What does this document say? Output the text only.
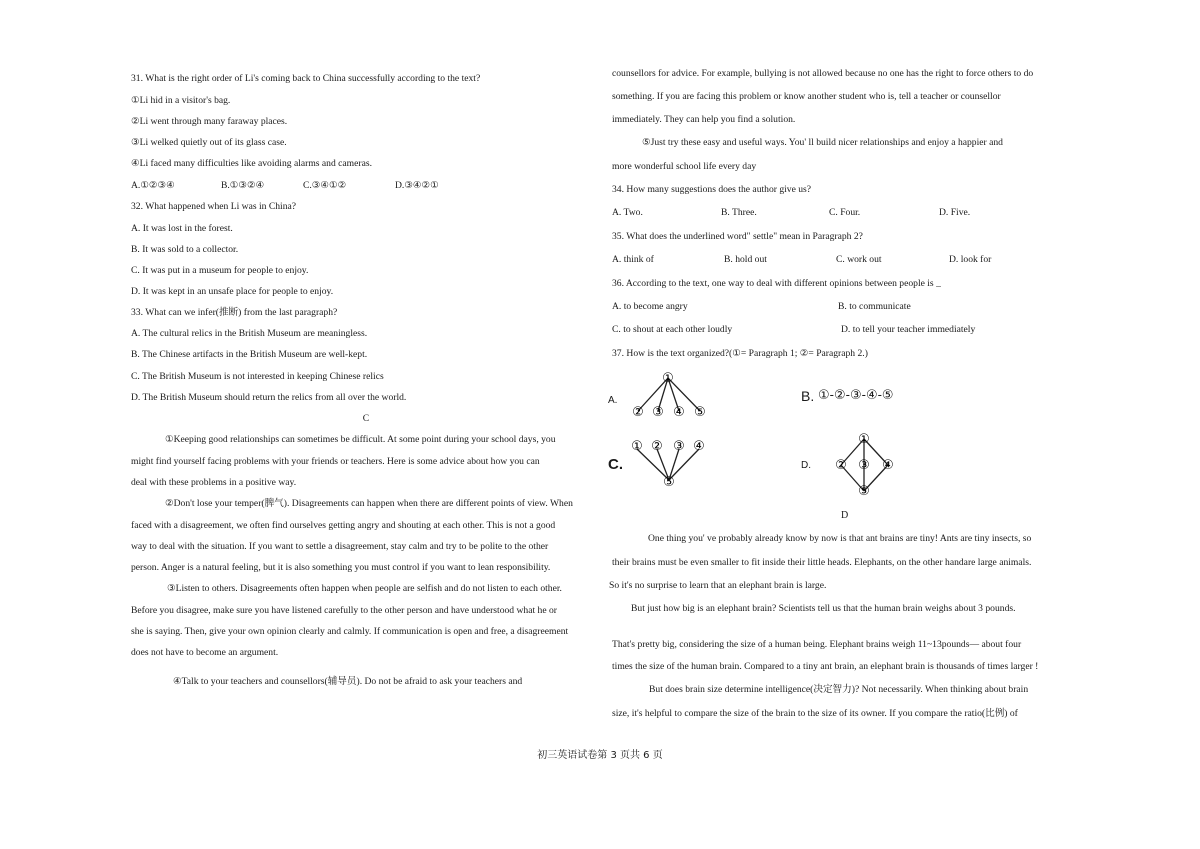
31. What is the right order of Li's coming back to China successfully according to the text?
①Li hid in a visitor's bag.
②Li went through many faraway places.
③Li welked quietly out of its glass case.
④Li faced many difficulties like avoiding alarms and cameras.
A.①②③④	B.①③②④	C.③④①②	D.③④②①
32. What happened when Li was in China?
A. It was lost in the forest.
B. It was sold to a collector.
C. It was put in a museum for people to enjoy.
D. It was kept in an unsafe place for people to enjoy.
33. What can we infer(推断) from the last paragraph?
A. The cultural relics in the British Museum are meaningless.
B. The Chinese artifacts in the British Museum are well-kept.
C. The British Museum is not interested in keeping Chinese relics
D. The British Museum should return the relics from all over the world.
C
①Keeping good relationships can sometimes be difficult. At some point during your school days, you
might find yourself facing problems with your friends or teachers. Here is some advice about how you can
deal with these problems in a positive way.
②Don't lose your temper(脾气). Disagreements can happen when there are different points of view. When
faced with a disagreement, we often find ourselves getting angry and shouting at each other. This is not a good
way to deal with the situation. If you want to settle a disagreement, stay calm and try to be polite to the other
person. Anger is a natural feeling, but it is also something you must control if you want to lean responsibility.
③Listen to others. Disagreements often happen when people are selfish and do not listen to each other.
Before you disagree, make sure you have listened carefully to the other person and have understood what he or
she is saying. Then, give your own opinion clearly and calmly. If communication is open and free, a disagreement
does not have to become an argument.
④Talk to your teachers and counsellors(辅导员). Do not be afraid to ask your teachers and
counsellors for advice. For example, bullying is not allowed because no one has the right to force others to do
something. If you are facing this problem or know another student who is, tell a teacher or counsellor
immediately. They can help you find a solution.
⑤Just try these easy and useful ways. You' ll build nicer relationships and enjoy a happier and
more wonderful school life every day
34. How many suggestions does the author give us?
A. Two.	B. Three.	C. Four.	D. Five.
35. What does the underlined word" settle" mean in Paragraph 2?
A. think of	B. hold out	C. work out	D. look for
36. According to the text, one way to deal with different opinions between people is _
A. to become angry	B. to communicate
C. to shout at each other loudly	D. to tell your teacher immediately
37. How is the text organized?(①= Paragraph 1; ②= Paragraph 2.)
A.	B. ①-②-③-④-⑤
C.	D.
①
② ③ ④ ⑤
① ② ③ ④
⑤
①
② ③ ④
⑤
D
One thing you' ve probably already know by now is that ant brains are tiny! Ants are tiny insects, so
their brains must be even smaller to fit inside their little heads. Elephants, on the other handare large animals.
So it's no surprise to learn that an elephant brain is large.
But just how big is an elephant brain? Scientists tell us that the human brain weighs about 3 pounds.
That's pretty big, considering the size of a human being. Elephant brains weigh 11~13pounds— about four
times the size of the human brain. Compared to a tiny ant brain, an elephant brain is thousands of times larger !
But does brain size determine intelligence(决定智力)? Not necessarily. When thinking about brain
size, it's helpful to compare the size of the brain to the size of its owner. If you compare the ratio(比例) of
初三英语试卷第 3 页共 6 页
